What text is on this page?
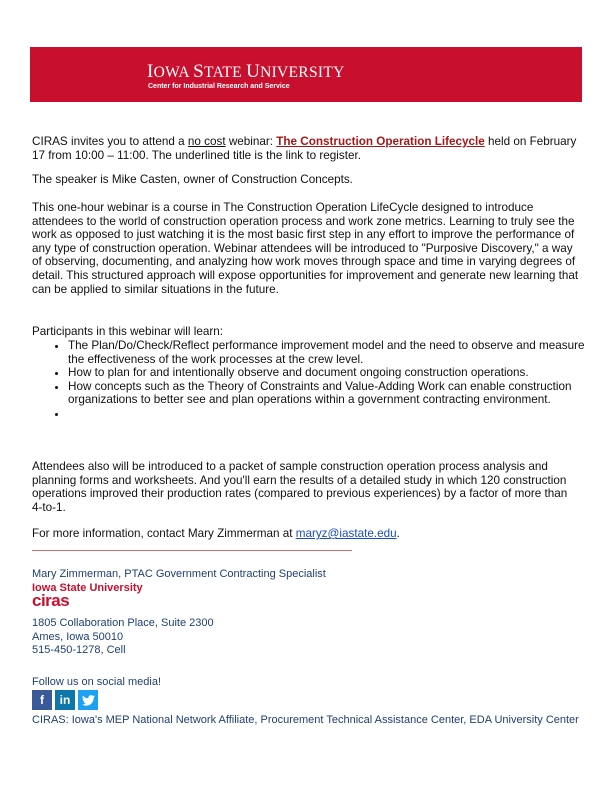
IOWA STATE UNIVERSITY
Center for Industrial Research and Service
CIRAS invites you to attend a no cost webinar: The Construction Operation Lifecycle held on February 17 from 10:00 – 11:00. The underlined title is the link to register.
The speaker is Mike Casten, owner of Construction Concepts.
This one-hour webinar is a course in The Construction Operation LifeCycle designed to introduce attendees to the world of construction operation process and work zone metrics. Learning to truly see the work as opposed to just watching it is the most basic first step in any effort to improve the performance of any type of construction operation. Webinar attendees will be introduced to "Purposive Discovery," a way of observing, documenting, and analyzing how work moves through space and time in varying degrees of detail. This structured approach will expose opportunities for improvement and generate new learning that can be applied to similar situations in the future.
Participants in this webinar will learn:
• The Plan/Do/Check/Reflect performance improvement model and the need to observe and measure the effectiveness of the work processes at the crew level.
• How to plan for and intentionally observe and document ongoing construction operations.
• How concepts such as the Theory of Constraints and Value-Adding Work can enable construction organizations to better see and plan operations within a government contracting environment.
•
Attendees also will be introduced to a packet of sample construction operation process analysis and planning forms and worksheets. And you'll earn the results of a detailed study in which 120 construction operations improved their production rates (compared to previous experiences) by a factor of more than 4-to-1.
For more information, contact Mary Zimmerman at maryz@iastate.edu.
Mary Zimmerman, PTAC Government Contracting Specialist
Iowa State University
ciras
1805 Collaboration Place, Suite 2300
Ames, Iowa 50010
515-450-1278, Cell
Follow us on social media!
f	in
CIRAS: Iowa's MEP National Network Affiliate, Procurement Technical Assistance Center, EDA University Center
